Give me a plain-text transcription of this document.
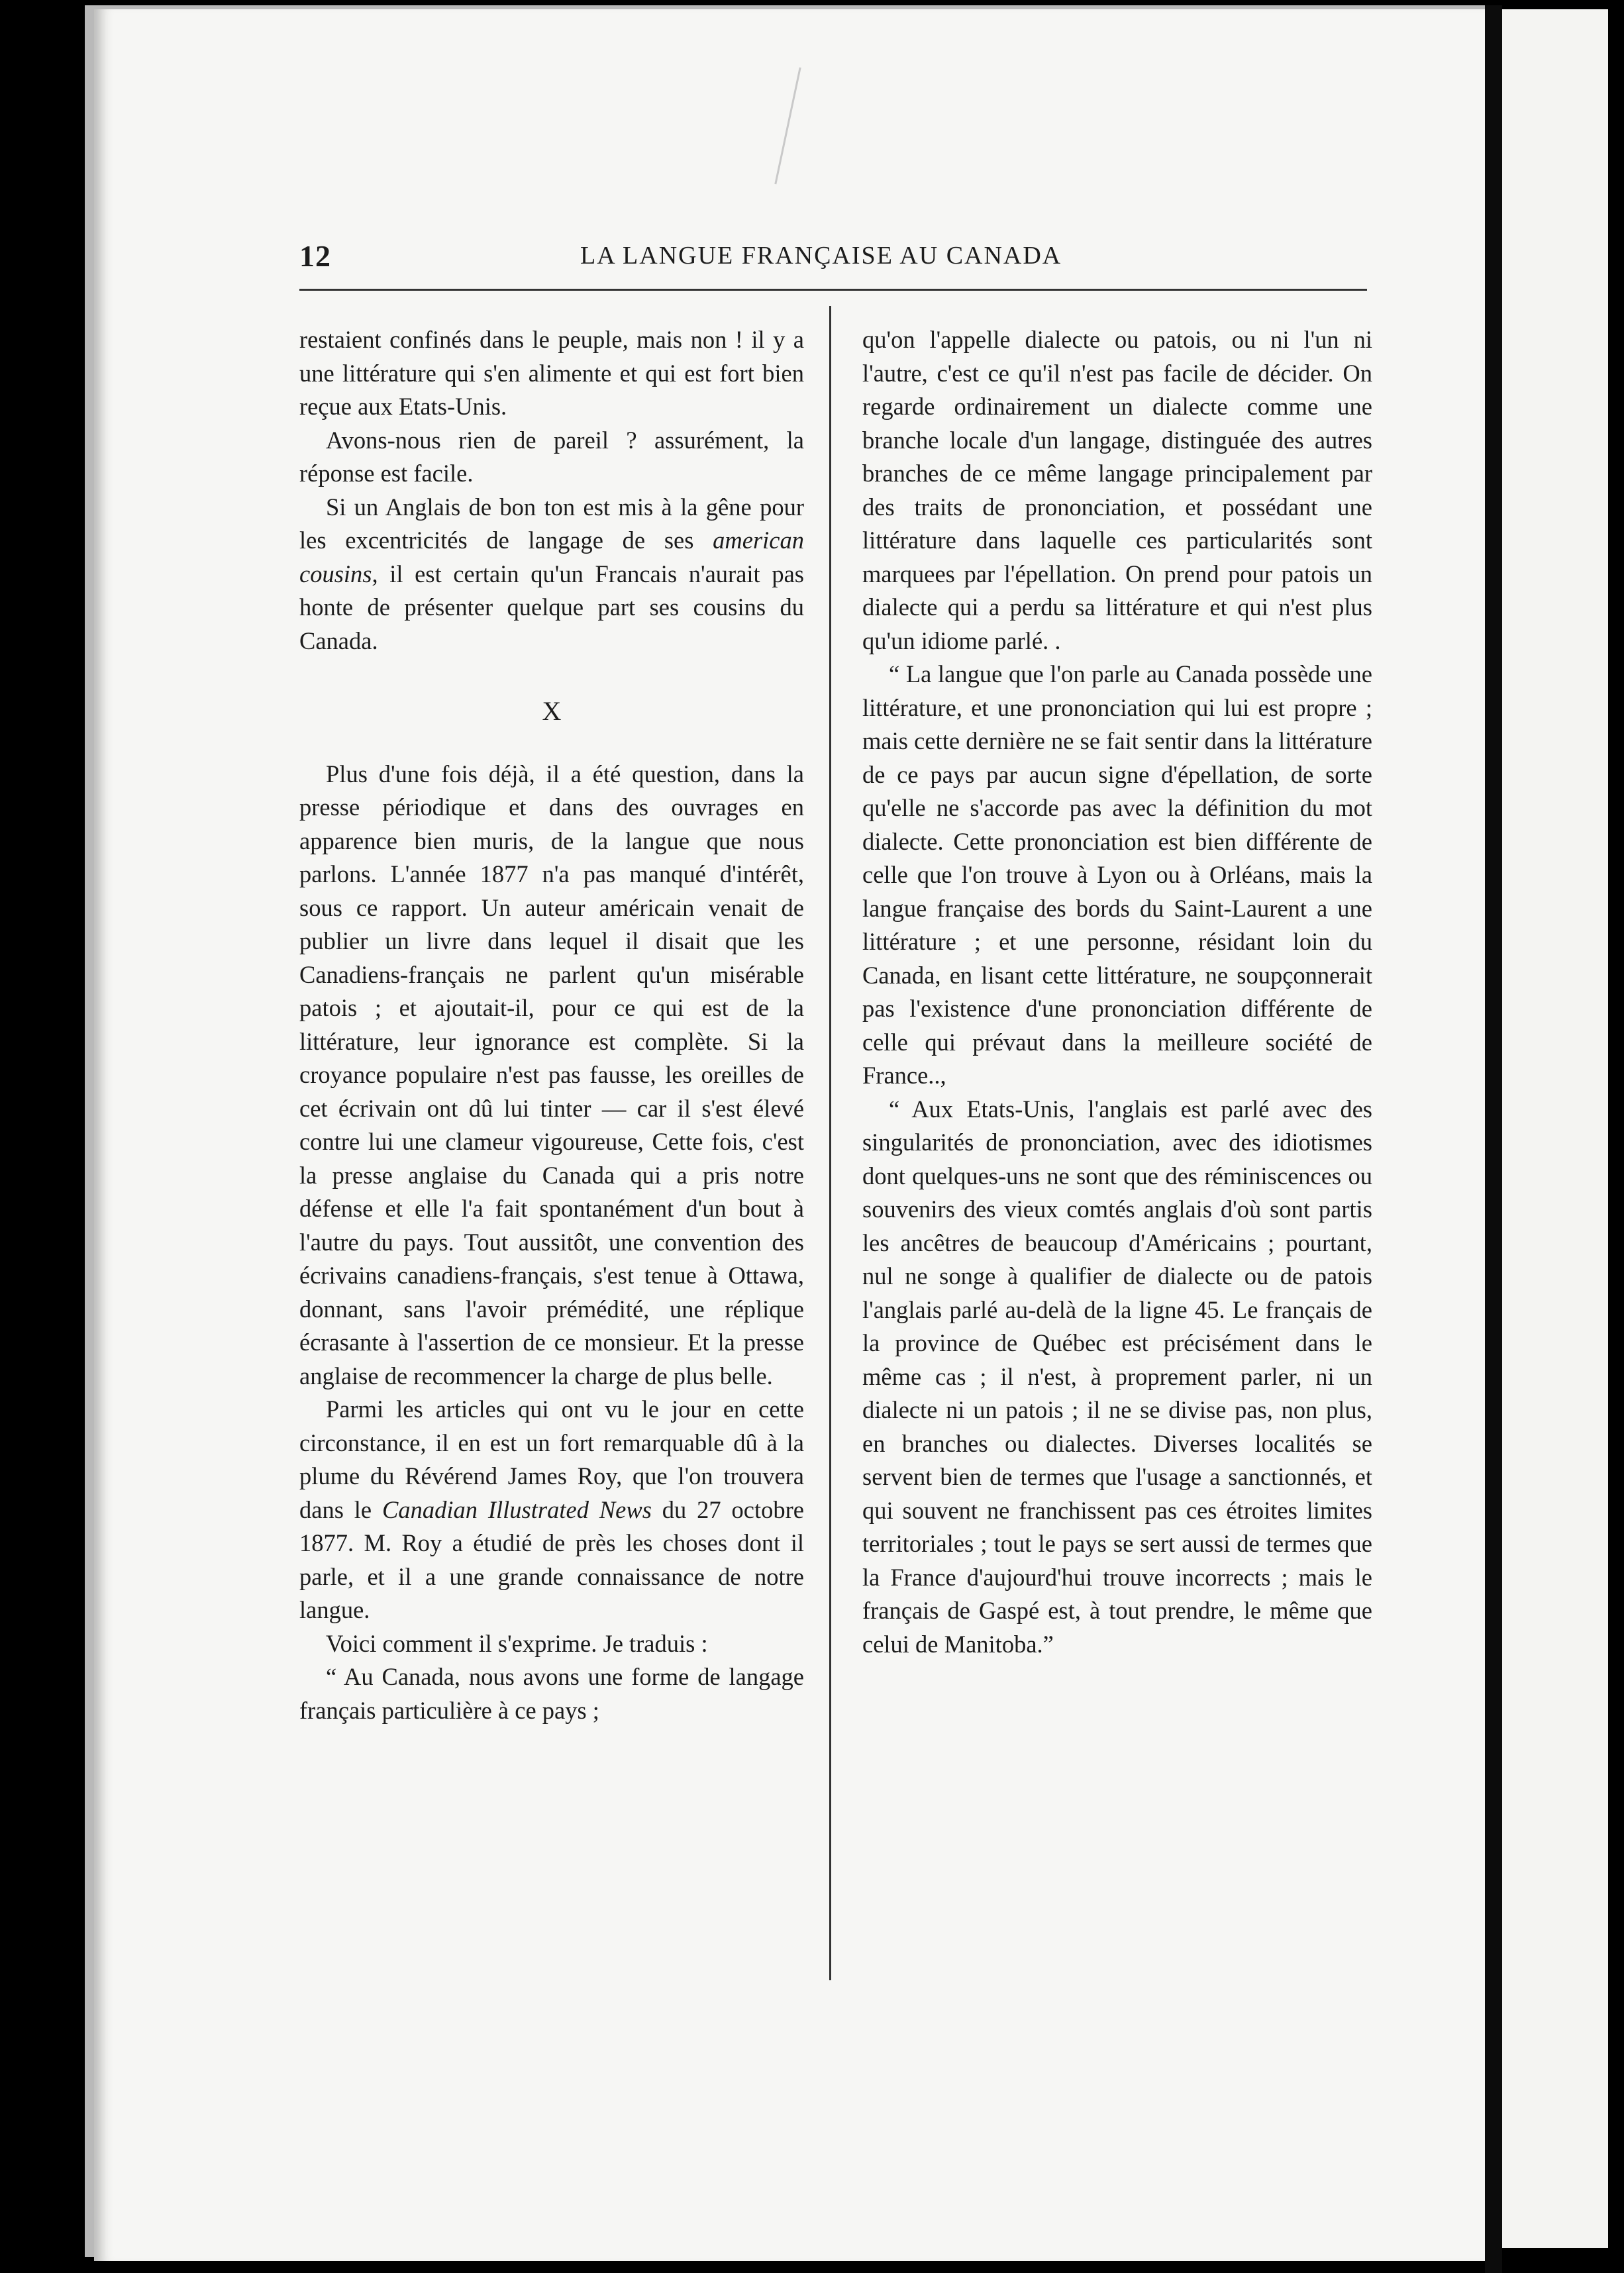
12	LA LANGUE FRANÇAISE AU CANADA

restaient confinés dans le peuple, mais non ! il y a une littérature qui s'en alimente et qui est fort bien reçue aux Etats-Unis.

Avons-nous rien de pareil ? assurément, la réponse est facile.

Si un Anglais de bon ton est mis à la gêne pour les excentricités de langage de ses american cousins, il est certain qu'un Francais n'aurait pas honte de présenter quelque part ses cousins du Canada.

X

Plus d'une fois déjà, il a été question, dans la presse périodique et dans des ouvrages en apparence bien muris, de la langue que nous parlons. L'année 1877 n'a pas manqué d'intérêt, sous ce rapport. Un auteur américain venait de publier un livre dans lequel il disait que les Canadiens-français ne parlent qu'un misérable patois ; et ajoutait-il, pour ce qui est de la littérature, leur ignorance est complète. Si la croyance populaire n'est pas fausse, les oreilles de cet écrivain ont dû lui tinter — car il s'est élevé contre lui une clameur vigoureuse, Cette fois, c'est la presse anglaise du Canada qui a pris notre défense et elle l'a fait spontanément d'un bout à l'autre du pays. Tout aussitôt, une convention des écrivains canadiens-français, s'est tenue à Ottawa, donnant, sans l'avoir prémédité, une réplique écrasante à l'assertion de ce monsieur. Et la presse anglaise de recommencer la charge de plus belle.

Parmi les articles qui ont vu le jour en cette circonstance, il en est un fort remarquable dû à la plume du Révérend James Roy, que l'on trouvera dans le Canadian Illustrated News du 27 octobre 1877. M. Roy a étudié de près les choses dont il parle, et il a une grande connaissance de notre langue.

Voici comment il s'exprime. Je traduis :

“ Au Canada, nous avons une forme de langage français particulière à ce pays ;

qu'on l'appelle dialecte ou patois, ou ni l'un ni l'autre, c'est ce qu'il n'est pas facile de décider. On regarde ordinairement un dialecte comme une branche locale d'un langage, distinguée des autres branches de ce même langage principalement par des traits de prononciation, et possédant une littérature dans laquelle ces particularités sont marquees par l'épellation. On prend pour patois un dialecte qui a perdu sa littérature et qui n'est plus qu'un idiome parlé. .

“ La langue que l'on parle au Canada possède une littérature, et une prononciation qui lui est propre ; mais cette dernière ne se fait sentir dans la littérature de ce pays par aucun signe d'épellation, de sorte qu'elle ne s'accorde pas avec la définition du mot dialecte. Cette prononciation est bien différente de celle que l'on trouve à Lyon ou à Orléans, mais la langue française des bords du Saint-Laurent a une littérature ; et une personne, résidant loin du Canada, en lisant cette littérature, ne soupçonnerait pas l'existence d'une prononciation différente de celle qui prévaut dans la meilleure société de France..,

“ Aux Etats-Unis, l'anglais est parlé avec des singularités de prononciation, avec des idiotismes dont quelques-uns ne sont que des réminiscences ou souvenirs des vieux comtés anglais d'où sont partis les ancêtres de beaucoup d'Américains ; pourtant, nul ne songe à qualifier de dialecte ou de patois l'anglais parlé au-delà de la ligne 45. Le français de la province de Québec est précisément dans le même cas ; il n'est, à proprement parler, ni un dialecte ni un patois ; il ne se divise pas, non plus, en branches ou dialectes. Diverses localités se servent bien de termes que l'usage a sanctionnés, et qui souvent ne franchissent pas ces étroites limites territoriales ; tout le pays se sert aussi de termes que la France d'aujourd'hui trouve incorrects ; mais le français de Gaspé est, à tout prendre, le même que celui de Manitoba.”
